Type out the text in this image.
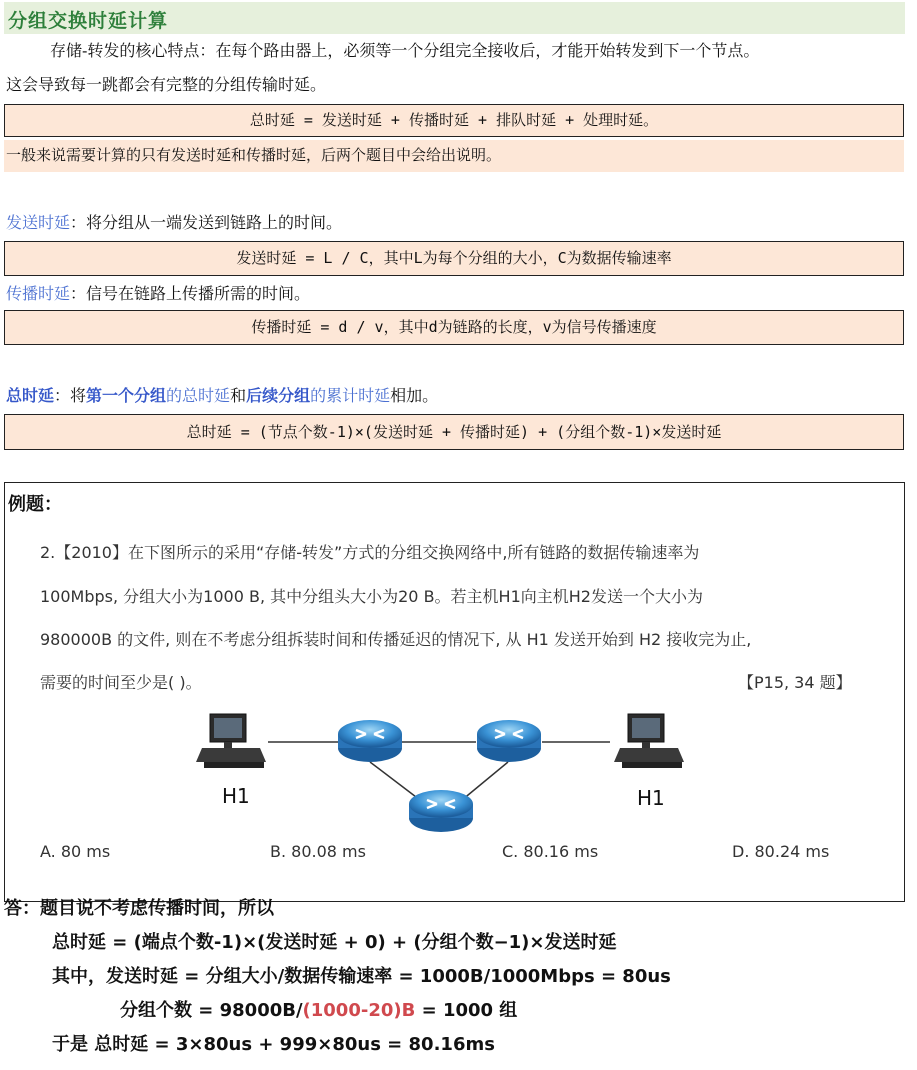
分组交换时延计算
存储-转发的核心特点：在每个路由器上，必须等一个分组完全接收后，才能开始转发到下一个节点。
这会导致每一跳都会有完整的分组传输时延。
总时延 = 发送时延 + 传播时延 + 排队时延 + 处理时延。
一般来说需要计算的只有发送时延和传播时延，后两个题目中会给出说明。
发送时延：将分组从一端发送到链路上的时间。
发送时延 = L / C，其中L为每个分组的大小，C为数据传输速率
传播时延：信号在链路上传播所需的时间。
传播时延 = d / v，其中d为链路的长度，v为信号传播速度
总时延：将第一个分组的总时延和后续分组的累计时延相加。
总时延 = (节点个数-1)×(发送时延 + 传播时延) + (分组个数-1)×发送时延
例题：
2.【2010】在下图所示的采用“存储-转发”方式的分组交换网络中,所有链路的数据传输速率为
100Mbps, 分组大小为1000 B, 其中分组头大小为20 B。若主机H1向主机H2发送一个大小为
980000B 的文件, 则在不考虑分组拆装时间和传播延迟的情况下, 从 H1 发送开始到 H2 接收完为止,
需要的时间至少是( )。	【P15, 34 题】
H1	H1
A. 80 ms	B. 80.08 ms	C. 80.16 ms	D. 80.24 ms
答：题目说不考虑传播时间，所以
总时延 = (端点个数-1)×(发送时延 + 0) + (分组个数−1)×发送时延
其中，发送时延 = 分组大小/数据传输速率 = 1000B/1000Mbps = 80us
分组个数 = 98000B/(1000-20)B = 1000 组
于是 总时延 = 3×80us + 999×80us = 80.16ms
